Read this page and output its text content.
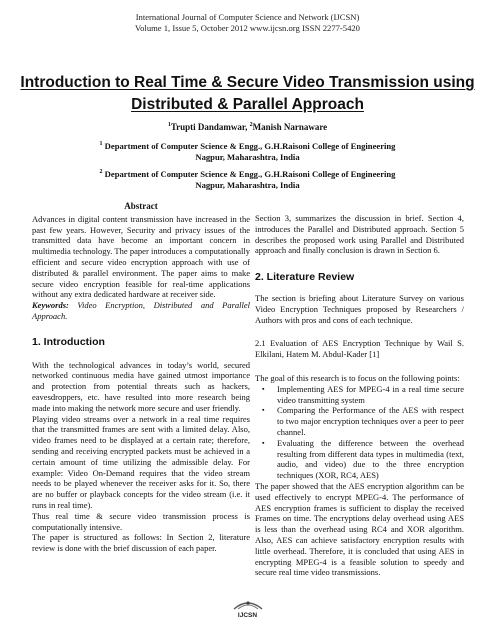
International Journal of Computer Science and Network (IJCSN)
Volume 1, Issue 5, October 2012 www.ijcsn.org ISSN 2277-5420
Introduction to Real Time & Secure Video Transmission using
Distributed & Parallel Approach
$^1$Trupti Dandamwar, $^2$Manish Narnaware
$^1$ Department of Computer Science & Engg., G.H.Raisoni College of Engineering
Nagpur, Maharashtra, India
$^2$ Department of Computer Science & Engg., G.H.Raisoni College of Engineering
Nagpur, Maharashtra, India
Abstract

Advances in digital content transmission have increased in the past few years. However, Security and privacy issues of the transmitted data have become an important concern in multimedia technology. The paper introduces a computationally efficient and secure video encryption approach with use of distributed & parallel environment. The paper aims to make secure video encryption feasible for real-time applications without any extra dedicated hardware at receiver side.

Keywords: Video Encryption, Distributed and Parallel Approach.

1. Introduction

With the technological advances in today’s world, secured networked continuous media have gained utmost importance and protection from potential threats such as hackers, eavesdroppers, etc. have resulted into more research being made into making the network more secure and user friendly.

Playing video streams over a network in a real time requires that the transmitted frames are sent with a limited delay. Also, video frames need to be displayed at a certain rate; therefore, sending and receiving encrypted packets must be achieved in a certain amount of time utilizing the admissible delay. For example: Video On-Demand requires that the video stream needs to be played whenever the receiver asks for it. So, there are no buffer or playback concepts for the video stream (i.e. it runs in real time).

Thus real time & secure video transmission process is computationally intensive.

The paper is structured as follows: In Section 2, literature review is done with the brief discussion of each paper.

Section 3, summarizes the discussion in brief. Section 4, introduces the Parallel and Distributed approach. Section 5 describes the proposed work using Parallel and Distributed approach and finally conclusion is drawn in Section 6.

2. Literature Review

The section is briefing about Literature Survey on various Video Encryption Techniques proposed by Researchers / Authors with pros and cons of each technique.

2.1 Evaluation of AES Encryption Technique by Wail S. Elkilani, Hatem M. Abdul-Kader [1]

The goal of this research is to focus on the following points:

▪ Implementing AES for MPEG-4 in a real time secure video transmitting system
▪ Comparing the Performance of the AES with respect to two major encryption techniques over a peer to peer channel.
▪ Evaluating the difference between the overhead resulting from different data types in multimedia (text, audio, and video) due to the three encryption techniques (XOR, RC4, AES)

The paper showed that the AES encryption algorithm can be used effectively to encrypt MPEG-4. The performance of AES encryption frames is sufficient to display the received Frames on time. The encryptions delay overhead using AES is less than the overhead using RC4 and XOR algorithm. Also, AES can achieve satisfactory encryption results with little overhead. Therefore, it is concluded that using AES in encrypting MPEG-4 is a feasible solution to speedy and secure real time video transmissions.

IJCSN
